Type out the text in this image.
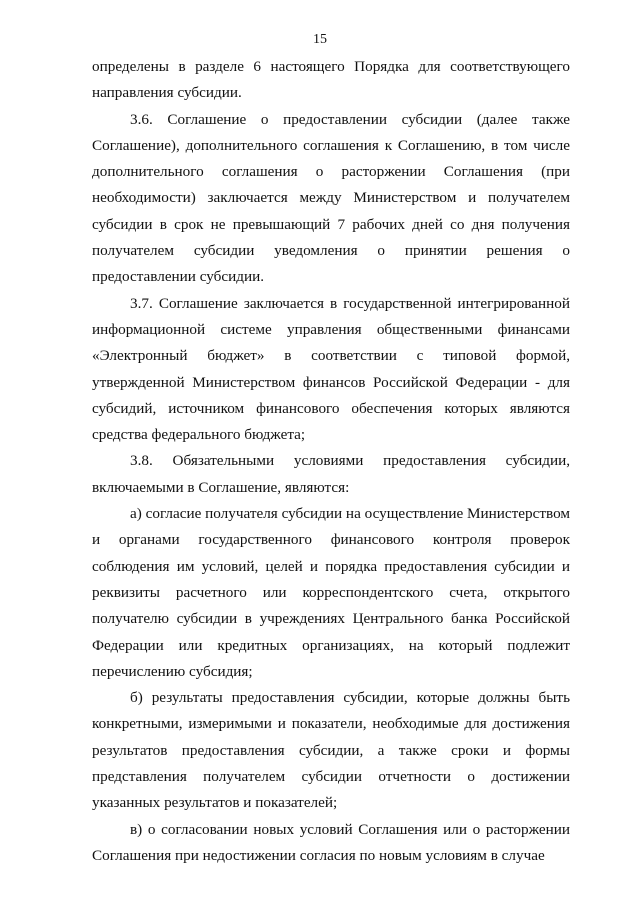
15

определены в разделе 6 настоящего Порядка для соответствующего направления субсидии.

3.6. Соглашение о предоставлении субсидии (далее также Соглашение), дополнительного соглашения к Соглашению, в том числе дополнительного соглашения о расторжении Соглашения (при необходимости) заключается между Министерством и получателем субсидии в срок не превышающий 7 рабочих дней со дня получения получателем субсидии уведомления о принятии решения о предоставлении субсидии.

3.7. Соглашение заключается в государственной интегрированной информационной системе управления общественными финансами «Электронный бюджет» в соответствии с типовой формой, утвержденной Министерством финансов Российской Федерации - для субсидий, источником финансового обеспечения которых являются средства федерального бюджета;

3.8. Обязательными условиями предоставления субсидии, включаемыми в Соглашение, являются:

а) согласие получателя субсидии на осуществление Министерством и органами государственного финансового контроля проверок соблюдения им условий, целей и порядка предоставления субсидии и реквизиты расчетного или корреспондентского счета, открытого получателю субсидии в учреждениях Центрального банка Российской Федерации или кредитных организациях, на который подлежит перечислению субсидия;

б) результаты предоставления субсидии, которые должны быть конкретными, измеримыми и показатели, необходимые для достижения результатов предоставления субсидии, а также сроки и формы представления получателем субсидии отчетности о достижении указанных результатов и показателей;

в) о согласовании новых условий Соглашения или о расторжении Соглашения при недостижении согласия по новым условиям в случае
